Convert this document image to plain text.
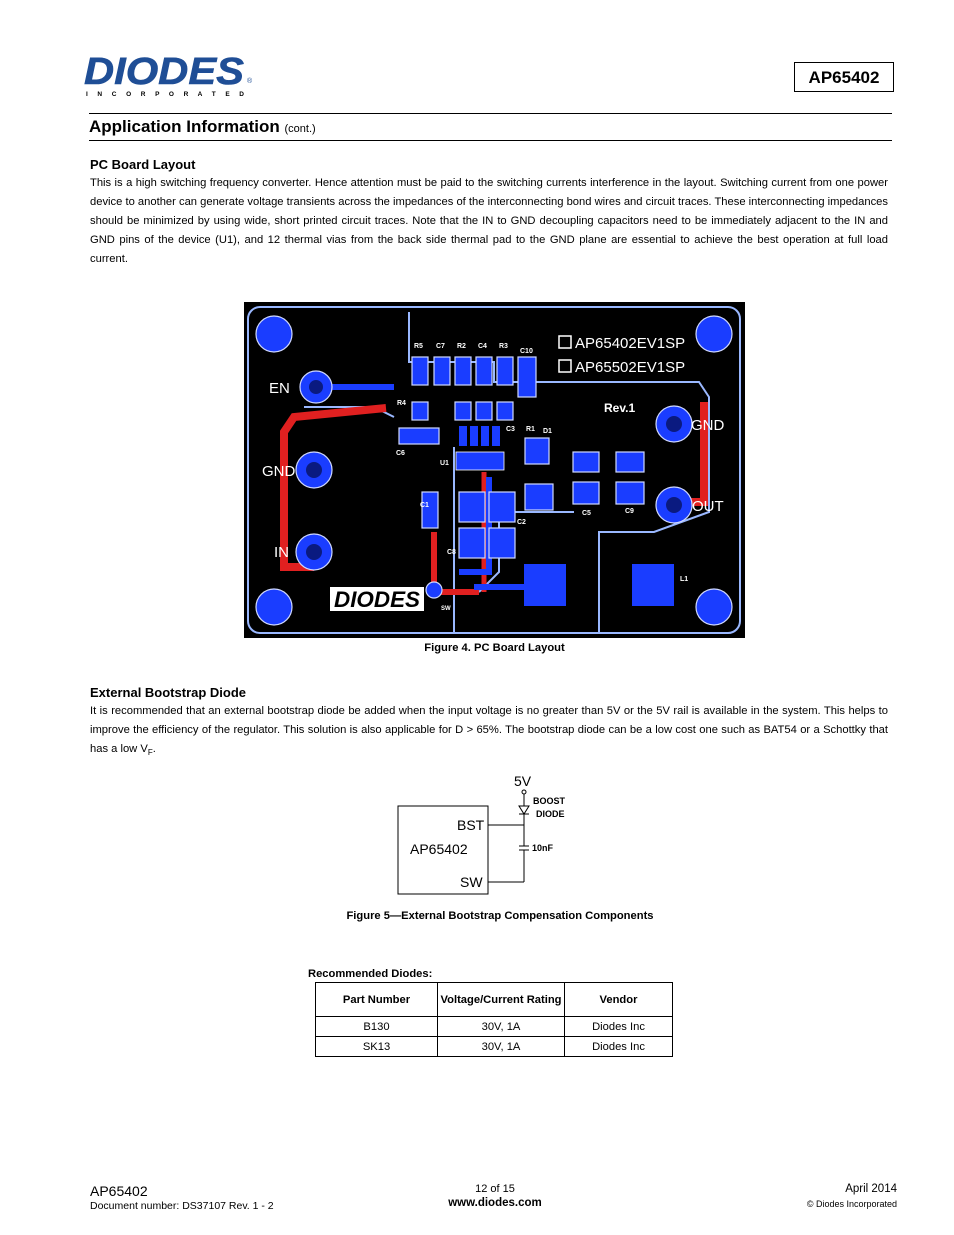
DIODES ®
I N C O R P O R A T E D
AP65402
Application Information (cont.)
PC Board Layout
This is a high switching frequency converter. Hence attention must be paid to the switching currents interference in the layout. Switching current from one power device to another can generate voltage transients across the impedances of the interconnecting bond wires and circuit traces. These interconnecting impedances should be minimized by using wide, short printed circuit traces. Note that the IN to GND decoupling capacitors need to be immediately adjacent to the IN and GND pins of the device (U1), and 12 thermal vias from the back side thermal pad to the GND plane are essential to achieve the best operation at full load current.
EN
GND
IN
GND
OUT
AP65402EV1SP
AP65502EV1SP
Rev.1
R5 C7 R2 C4 R3
C10
R4
C3 R1 D1
C6
U1
C1
C2
C5	C9
C8
L1
SW
DIODES
Figure 4. PC Board Layout
External Bootstrap Diode
It is recommended that an external bootstrap diode be added when the input voltage is no greater than 5V or the 5V rail is available in the system. This helps to improve the efficiency of the regulator. This solution is also applicable for D > 65%. The bootstrap diode can be a low cost one such as BAT54 or a Schottky that has a low $V_F$.
BST
AP65402
SW
5V
BOOST
DIODE
10nF
Figure 5—External Bootstrap Compensation Components
Recommended Diodes:
Part Number	Voltage/Current Rating	Vendor
B130	30V, 1A	Diodes Inc
SK13	30V, 1A	Diodes Inc
AP65402
Document number: DS37107 Rev. 1 - 2
12 of 15
www.diodes.com
April 2014
© Diodes Incorporated
